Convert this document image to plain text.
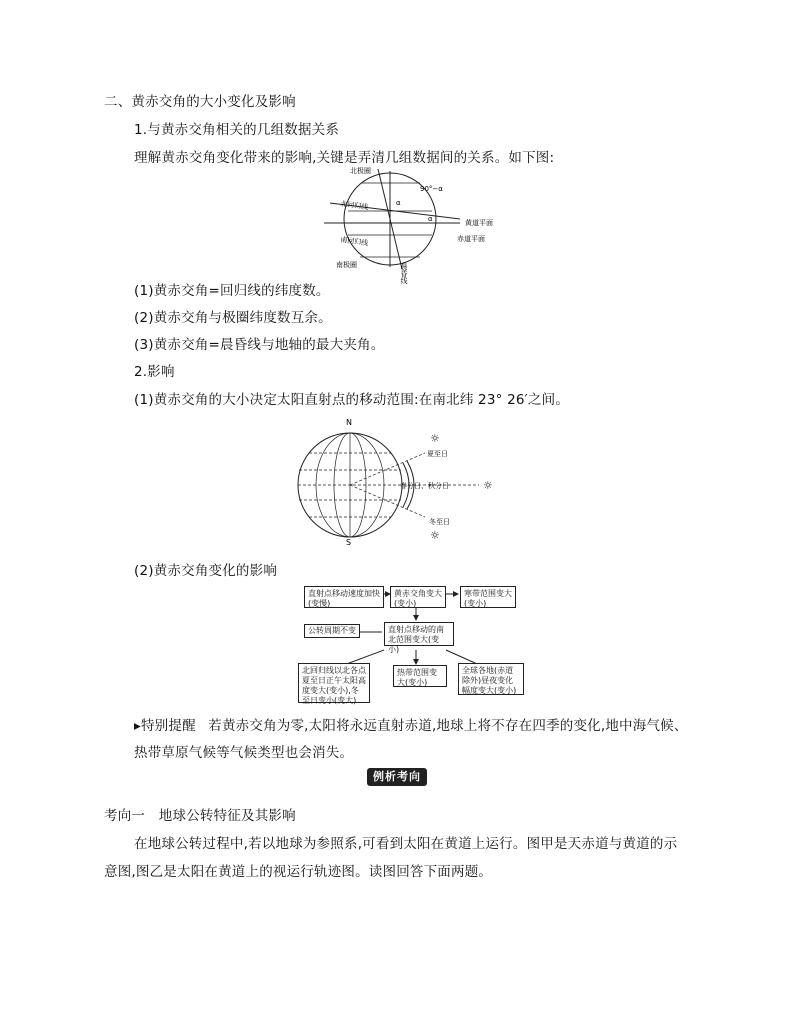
二、黄赤交角的大小变化及影响
1.与黄赤交角相关的几组数据关系
理解黄赤交角变化带来的影响,关键是弄清几组数据间的关系。如下图:
北极圈
北回归线
南回归线
南极圈
90°−α
α
α	黄道平面
赤道平面
晨昏线
(1)黄赤交角=回归线的纬度数。
(2)黄赤交角与极圈纬度数互余。
(3)黄赤交角=晨昏线与地轴的最大夹角。
2.影响
(1)黄赤交角的大小决定太阳直射点的移动范围:在南北纬 23° 26′之间。
N
S
夏至日
春分日、秋分日
冬至日
☼
☼
☼
(2)黄赤交角变化的影响
直射点移动速度加快(变慢)
黄赤交角变大(变小)
寒带范围变大(变小)
公转周期不变	直射点移动的南北范围变大(变小)
北回归线以北各点夏至日正午太阳高度变大(变小),冬至日变小(变大)
热带范围变大(变小)
全球各地(赤道除外)昼夜变化幅度变大(变小)
▸特别提醒 若黄赤交角为零,太阳将永远直射赤道,地球上将不存在四季的变化,地中海气候、
热带草原气候等气候类型也会消失。
例析考向
考向一　地球公转特征及其影响
在地球公转过程中,若以地球为参照系,可看到太阳在黄道上运行。图甲是天赤道与黄道的示
意图,图乙是太阳在黄道上的视运行轨迹图。读图回答下面两题。
